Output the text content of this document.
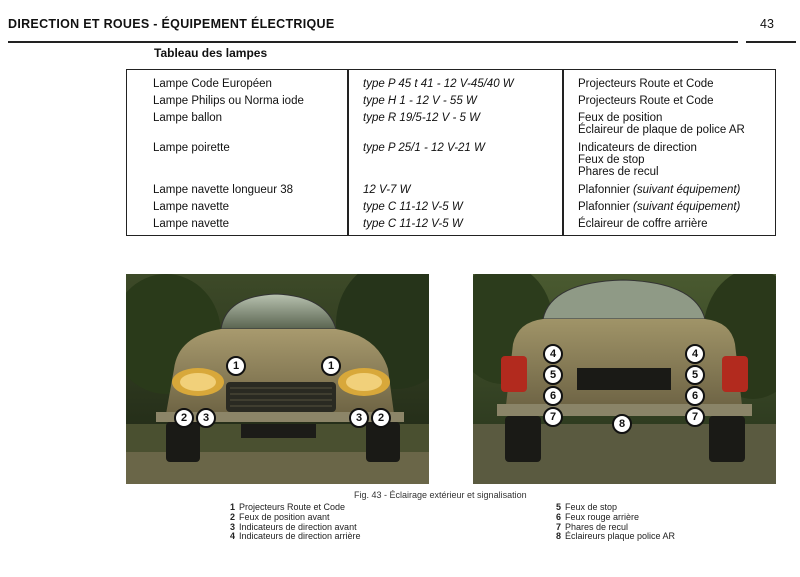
DIRECTION ET ROUES - ÉQUIPEMENT ÉLECTRIQUE	43
Tableau des lampes
Lampe Code Européen	type P 45 t 41 - 12 V-45/40 W	Projecteurs Route et Code
Lampe Philips ou Norma iode	type H 1 - 12 V - 55 W	Projecteurs Route et Code
Lampe ballon	type R 19/5-12 V - 5 W	Feux de position
Éclaireur de plaque de police AR
Lampe poirette	type P 25/1 - 12 V-21 W	Indicateurs de direction
Feux de stop
Phares de recul
Lampe navette longueur 38	12 V-7 W	Plafonnier (suivant équipement)
Lampe navette	type C 11-12 V-5 W	Plafonnier (suivant équipement)
Lampe navette	type C 11-12 V-5 W	Éclaireur de coffre arrière
1	1
2	3	3	2
4	4
5	5
6	6
7	7
8
Fig. 43 - Éclairage extérieur et signalisation
1 Projecteurs Route et Code
2 Feux de position avant
3 Indicateurs de direction avant
4 Indicateurs de direction arrière
5 Feux de stop
6 Feux rouge arrière
7 Phares de recul
8 Éclaireurs plaque police AR
